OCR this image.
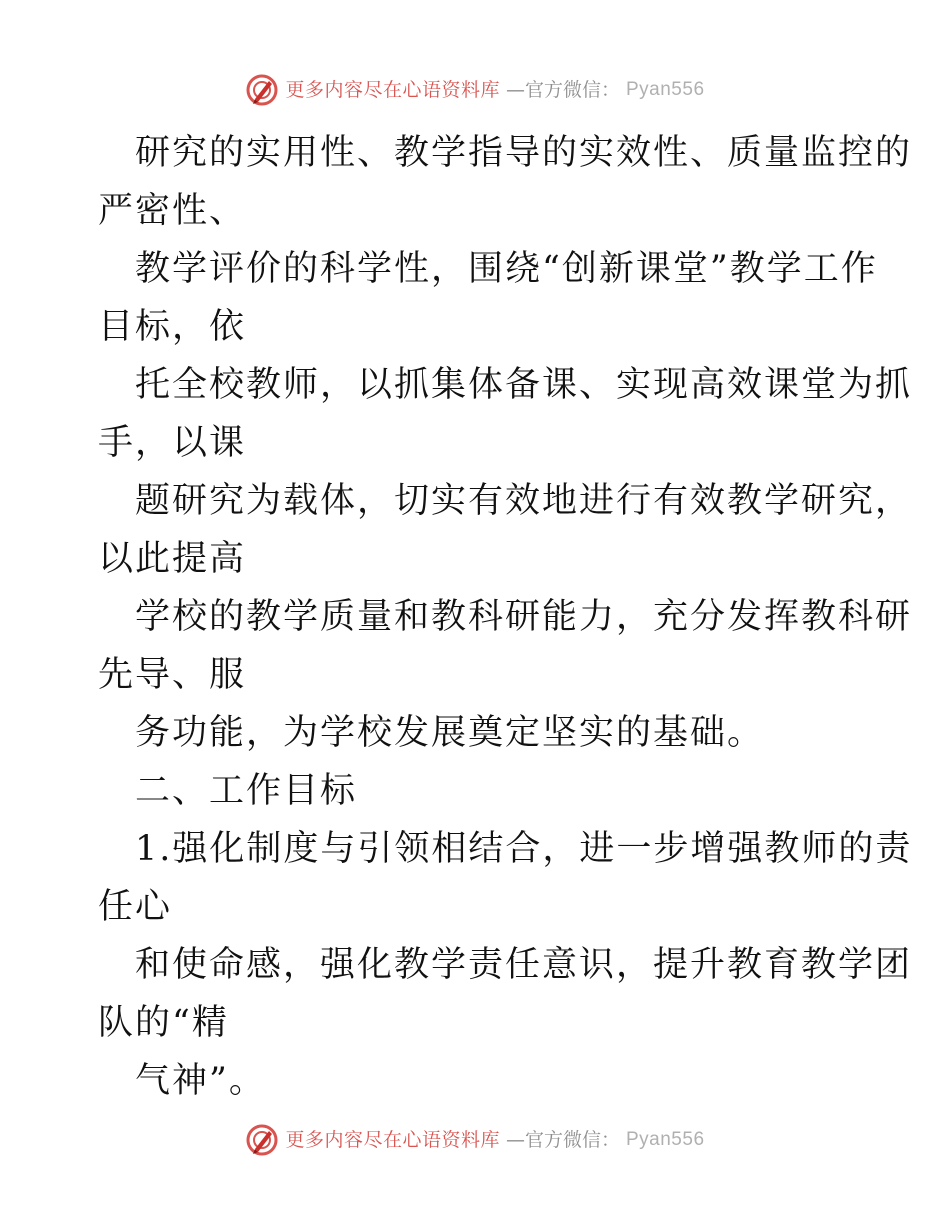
更多内容尽在心语资料库 —官方微信： Pyan556
研究的实用性、教学指导的实效性、质量监控的
严密性、
教学评价的科学性，围绕“创新课堂”教学工作
目标，依
托全校教师，以抓集体备课、实现高效课堂为抓
手，以课
题研究为载体，切实有效地进行有效教学研究，
以此提高
学校的教学质量和教科研能力，充分发挥教科研
先导、服
务功能，为学校发展奠定坚实的基础。
二、工作目标
1.强化制度与引领相结合，进一步增强教师的责
任心
和使命感，强化教学责任意识，提升教育教学团
队的“精
气神”。
更多内容尽在心语资料库 —官方微信： Pyan556
